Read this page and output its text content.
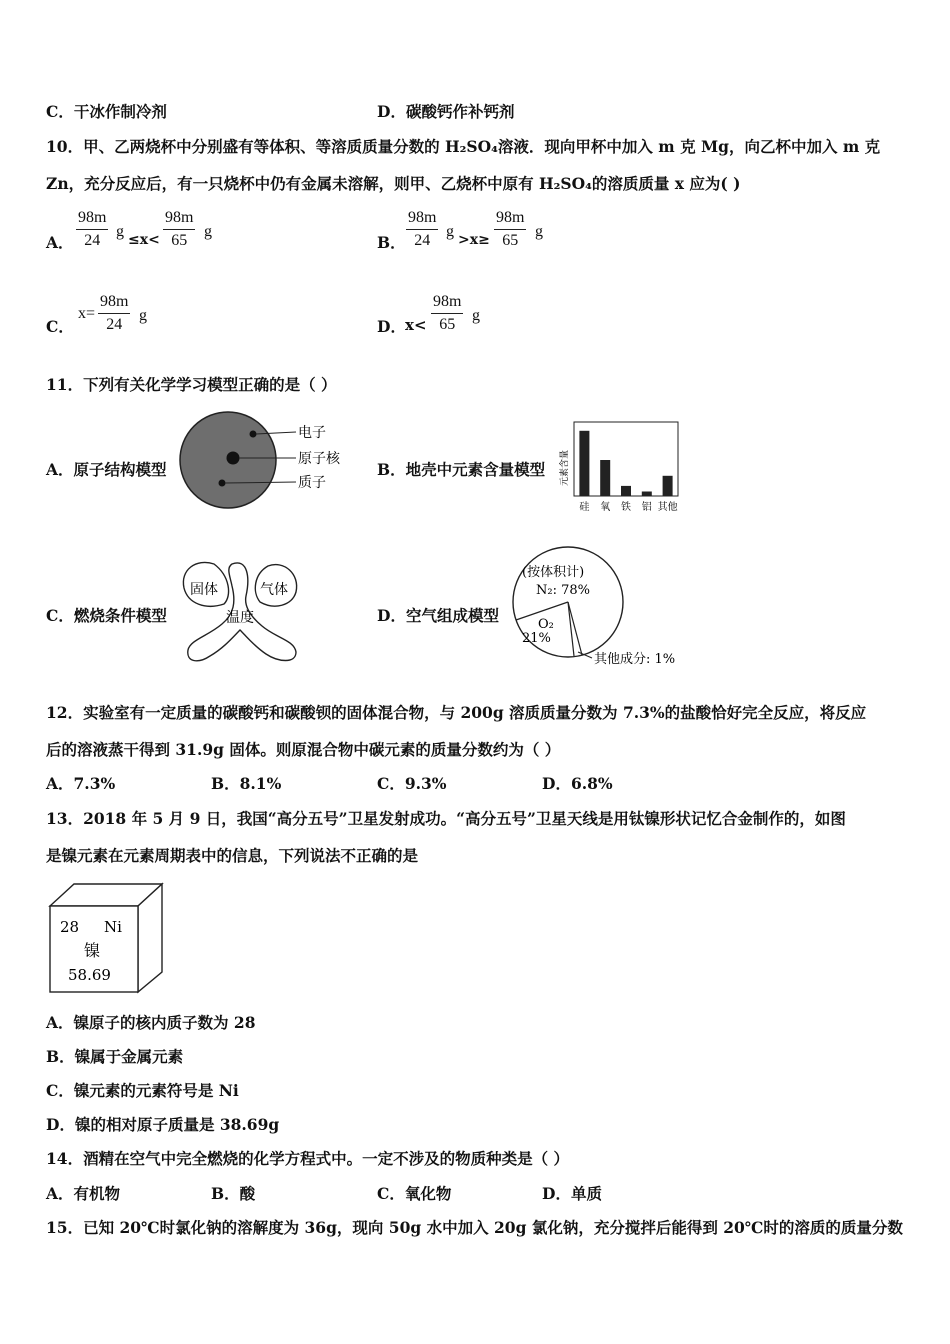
C．干冰作制冷剂	D．碳酸钙作补钙剂
10．甲、乙两烧杯中分别盛有等体积、等溶质质量分数的 H₂SO₄溶液．现向甲杯中加入 m 克 Mg，向乙杯中加入 m 克
Zn，充分反应后，有一只烧杯中仍有金属未溶解，则甲、乙烧杯中原有 H₂SO₄的溶质质量 x 应为( )
A． $\frac{98m}{24}$ $g \le x< \frac{98m}{65}$ g
B． $\frac{98m}{24}$ $g >x\ge \frac{98m}{65}$ g
C．
$x= \frac{98m}{24}$ g
D． $x< \frac{98m}{65}$ g
11．下列有关化学学习模型正确的是（ ）
A．原子结构模型
电子
原子核
质子
B．地壳中元素含量模型 元素含量
硅 氧 铁 铝 其他
C．燃烧条件模型
固体	气体
温度	D．空气组成模型
(按体积计)
N₂: 78%
O₂
21%
其他成分: 1%
12．实验室有一定质量的碳酸钙和碳酸钡的固体混合物，与 200g 溶质质量分数为 7.3%的盐酸恰好完全反应，将反应
后的溶液蒸干得到 31.9g 固体。则原混合物中碳元素的质量分数约为（ ）
A．7.3%	B．8.1%	C．9.3%	D．6.8%
13．2018 年 5 月 9 日，我国“高分五号”卫星发射成功。“高分五号”卫星天线是用钛镍形状记忆合金制作的，如图
是镍元素在元素周期表中的信息，下列说法不正确的是
28 Ni
镍
58.69
A．镍原子的核内质子数为 28
B．镍属于金属元素
C．镍元素的元素符号是 Ni
D．镍的相对原子质量是 38.69g
14．酒精在空气中完全燃烧的化学方程式中。一定不涉及的物质种类是（ ）
A．有机物	B．酸	C．氧化物	D．单质
15．已知 20℃时氯化钠的溶解度为 36g，现向 50g 水中加入 20g 氯化钠，充分搅拌后能得到 20℃时的溶质的质量分数
